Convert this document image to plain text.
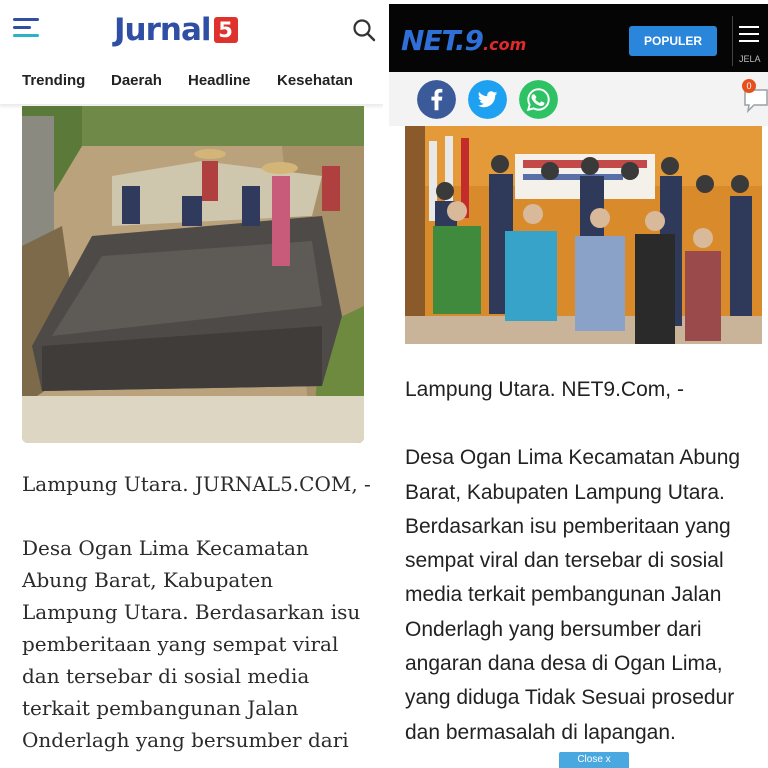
Jurnal 5
Trending Daerah Headline Kesehatan

Lampung Utara. JURNAL5.COM, -

Desa Ogan Lima Kecamatan Abung Barat, Kabupaten Lampung Utara. Berdasarkan isu pemberitaan yang sempat viral dan tersebar di sosial media terkait pembangunan Jalan Onderlagh yang bersumber dari

NET.9.com	POPULER
JELA
0

Lampung Utara. NET9.Com, -

Desa Ogan Lima Kecamatan Abung Barat, Kabupaten Lampung Utara. Berdasarkan isu pemberitaan yang sempat viral dan tersebar di sosial media terkait pembangunan Jalan Onderlagh yang bersumber dari angaran dana desa di Ogan Lima, yang diduga Tidak Sesuai prosedur dan bermasalah di lapangan.

Close x
